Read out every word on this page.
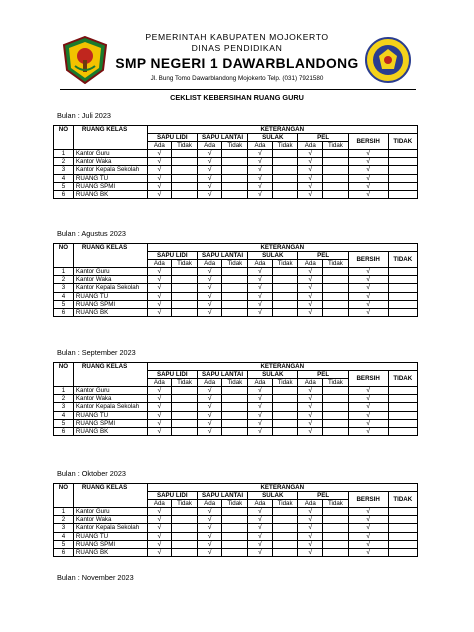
PEMERINTAH KABUPATEN MOJOKERTO
DINAS PENDIDIKAN
SMP NEGERI 1 DAWARBLANDONG
Jl. Bung Tomo Dawarblandong Mojokerto Telp. (031) 7921580
CEKLIST KEBERSIHAN RUANG GURU
Bulan : Juli 2023
NO	RUANG KELAS	KETERANGAN									
		SAPU LIDI		SAPU LANTAI		SULAK		PEL		BERSIH	TIDAK
		Ada	Tidak	Ada	Tidak	Ada	Tidak	Ada	Tidak		
1	Kantor Guru	√		√		√		√		√	
2	Kantor Waka	√		√		√		√		√	
3	Kantor Kepala Sekolah	√		√		√		√		√	
4	RUANG TU	√		√		√		√		√	
5	RUANG SPMI	√		√		√		√		√	
6	RUANG BK	√		√		√		√		√	
Bulan : Agustus 2023
NO	RUANG KELAS	KETERANGAN									
		SAPU LIDI		SAPU LANTAI		SULAK		PEL		BERSIH	TIDAK
		Ada	Tidak	Ada	Tidak	Ada	Tidak	Ada	Tidak		
1	Kantor Guru	√		√		√		√		√	
2	Kantor Waka	√		√		√		√		√	
3	Kantor Kepala Sekolah	√		√		√		√		√	
4	RUANG TU	√		√		√		√		√	
5	RUANG SPMI	√		√		√		√		√	
6	RUANG BK	√		√		√		√		√	
Bulan : September 2023
NO	RUANG KELAS	KETERANGAN									
		SAPU LIDI		SAPU LANTAI		SULAK		PEL		BERSIH	TIDAK
		Ada	Tidak	Ada	Tidak	Ada	Tidak	Ada	Tidak		
1	Kantor Guru	√		√		√		√		√	
2	Kantor Waka	√		√		√		√		√	
3	Kantor Kepala Sekolah	√		√		√		√		√	
4	RUANG TU	√		√		√		√		√	
5	RUANG SPMI	√		√		√		√		√	
6	RUANG BK	√		√		√		√		√	
Bulan : Oktober 2023
NO	RUANG KELAS	KETERANGAN									
		SAPU LIDI		SAPU LANTAI		SULAK		PEL		BERSIH	TIDAK
		Ada	Tidak	Ada	Tidak	Ada	Tidak	Ada	Tidak		
1	Kantor Guru	√		√		√		√		√	
2	Kantor Waka	√		√		√		√		√	
3	Kantor Kepala Sekolah	√		√		√		√		√	
4	RUANG TU	√		√		√		√		√	
5	RUANG SPMI	√		√		√		√		√	
6	RUANG BK	√		√		√		√		√	
Bulan : November 2023
